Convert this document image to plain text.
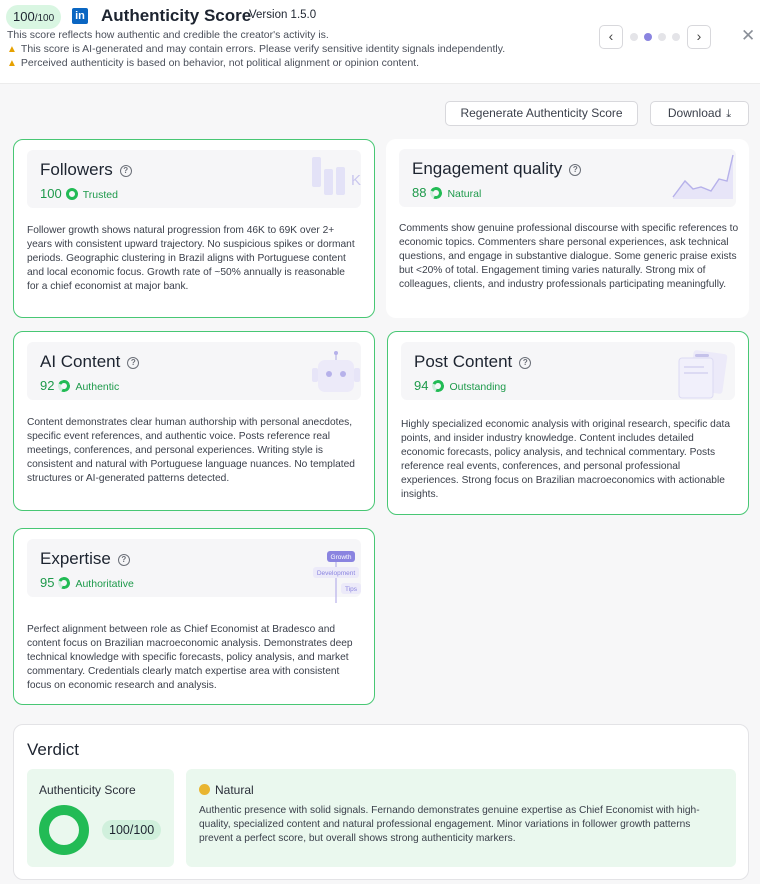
100/100	in Authenticity Score
Version 1.5.0
This score reflects how authentic and credible the creator's activity is.
▲ This score is AI-generated and may contain errors. Please verify sensitive identity signals independently.
▲ Perceived authenticity is based on behavior, not political alignment or opinion content.
‹	›	✕
Regenerate Authenticity Score	Download ⤓
Followers ?
100 Trusted
K
Follower growth shows natural progression from 46K to 69K over 2+ years with consistent upward trajectory. No suspicious spikes or dormant periods. Geographic clustering in Brazil aligns with Portuguese content and local economic focus. Growth rate of ~50% annually is reasonable for a chief economist at major bank.
Engagement quality ?
88 Natural
Comments show genuine professional discourse with specific references to economic topics. Commenters share personal experiences, ask technical questions, and engage in substantive dialogue. Some generic praise exists but <20% of total. Engagement timing varies naturally. Strong mix of colleagues, clients, and industry professionals participating meaningfully.
AI Content ?
92 Authentic
Content demonstrates clear human authorship with personal anecdotes, specific event references, and authentic voice. Posts reference real meetings, conferences, and personal experiences. Writing style is consistent and natural with Portuguese language nuances. No templated structures or AI-generated patterns detected.
Post Content ?
94 Outstanding
Highly specialized economic analysis with original research, specific data points, and insider industry knowledge. Content includes detailed economic forecasts, policy analysis, and technical commentary. Posts reference real events, conferences, and personal professional experiences. Strong focus on Brazilian macroeconomics with actionable insights.
Expertise ?
95 Authoritative
Growth
Development
Tips
Perfect alignment between role as Chief Economist at Bradesco and content focus on Brazilian macroeconomic analysis. Demonstrates deep technical knowledge with specific forecasts, policy analysis, and market commentary. Credentials clearly match expertise area with consistent focus on economic research and analysis.
Verdict
Authenticity Score
100/100
Natural
Authentic presence with solid signals. Fernando demonstrates genuine expertise as Chief Economist with high-quality, specialized content and natural professional engagement. Minor variations in follower growth patterns prevent a perfect score, but overall shows strong authenticity markers.
